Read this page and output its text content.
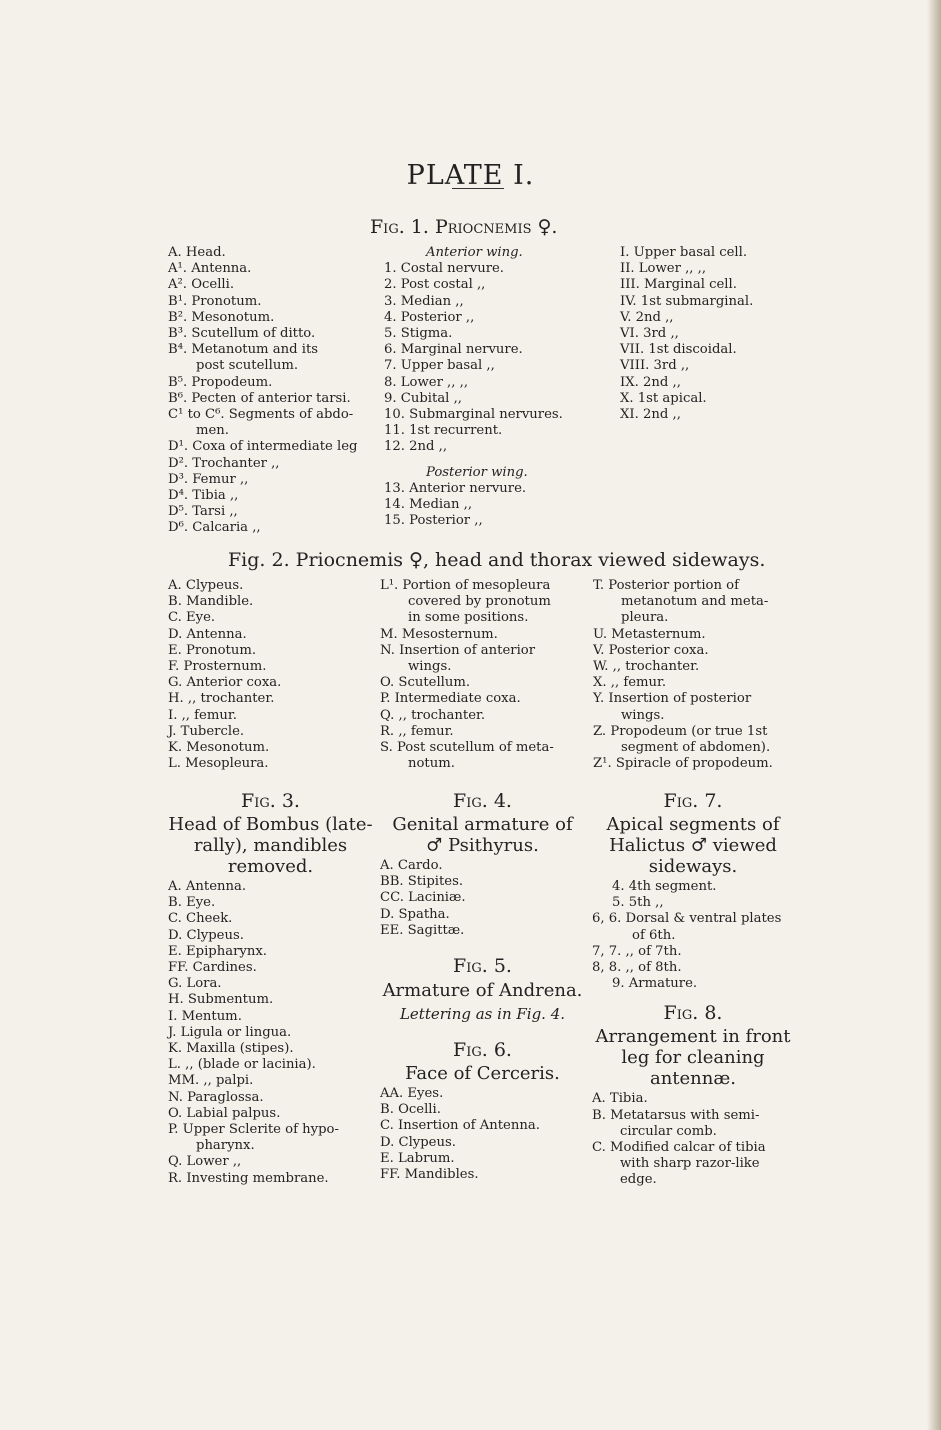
PLATE I.
Fig. 1. Priocnemis ♀.
A. Head.
A¹. Antenna.
A². Ocelli.
B¹. Pronotum.
B². Mesonotum.
B³. Scutellum of ditto.
B⁴. Metanotum and its
post scutellum.
B⁵. Propodeum.
B⁶. Pecten of anterior tarsi.
C¹ to C⁶. Segments of abdo-
men.
D¹. Coxa of intermediate leg
D². Trochanter ,,
D³. Femur ,,
D⁴. Tibia ,,
D⁵. Tarsi ,,
D⁶. Calcaria ,,
Anterior wing.
1. Costal nervure.
2. Post costal ,,
3. Median ,,
4. Posterior ,,
5. Stigma.
6. Marginal nervure.
7. Upper basal ,,
8. Lower ,, ,,
9. Cubital ,,
10. Submarginal nervures.
11. 1st recurrent.
12. 2nd ,,
Posterior wing.
13. Anterior nervure.
14. Median ,,
15. Posterior ,,
I. Upper basal cell.
II. Lower ,, ,,
III. Marginal cell.
IV. 1st submarginal.
V. 2nd ,,
VI. 3rd ,,
VII. 1st discoidal.
VIII. 3rd ,,
IX. 2nd ,,
X. 1st apical.
XI. 2nd ,,
Fig. 2. Priocnemis ♀, head and thorax viewed sideways.
A. Clypeus.
B. Mandible.
C. Eye.
D. Antenna.
E. Pronotum.
F. Prosternum.
G. Anterior coxa.
H. ,, trochanter.
I. ,, femur.
J. Tubercle.
K. Mesonotum.
L. Mesopleura.
L¹. Portion of mesopleura
covered by pronotum
in some positions.
M. Mesosternum.
N. Insertion of anterior
wings.
O. Scutellum.
P. Intermediate coxa.
Q. ,, trochanter.
R. ,, femur.
S. Post scutellum of meta-
notum.
T. Posterior portion of
metanotum and meta-
pleura.
U. Metasternum.
V. Posterior coxa.
W. ,, trochanter.
X. ,, femur.
Y. Insertion of posterior
wings.
Z. Propodeum (or true 1st
segment of abdomen).
Z¹. Spiracle of propodeum.
Fig. 3.
Head of Bombus (late-
rally), mandibles
removed.
A. Antenna.
B. Eye.
C. Cheek.
D. Clypeus.
E. Epipharynx.
FF. Cardines.
G. Lora.
H. Submentum.
I. Mentum.
J. Ligula or lingua.
K. Maxilla (stipes).
L. ,, (blade or lacinia).
MM. ,, palpi.
N. Paraglossa.
O. Labial palpus.
P. Upper Sclerite of hypo-
pharynx.
Q. Lower ,,
R. Investing membrane.
Fig. 4.
Genital armature of
♂ Psithyrus.
A. Cardo.
BB. Stipites.
CC. Laciniæ.
D. Spatha.
EE. Sagittæ.
Fig. 5.
Armature of Andrena.
Lettering as in Fig. 4.
Fig. 6.
Face of Cerceris.
AA. Eyes.
B. Ocelli.
C. Insertion of Antenna.
D. Clypeus.
E. Labrum.
FF. Mandibles.
Fig. 7.
Apical segments of
Halictus ♂ viewed
sideways.
4. 4th segment.
5. 5th ,,
6, 6. Dorsal & ventral plates
of 6th.
7, 7. ,, of 7th.
8, 8. ,, of 8th.
9. Armature.
Fig. 8.
Arrangement in front
leg for cleaning
antennæ.
A. Tibia.
B. Metatarsus with semi-
circular comb.
C. Modified calcar of tibia
with sharp razor-like
edge.
